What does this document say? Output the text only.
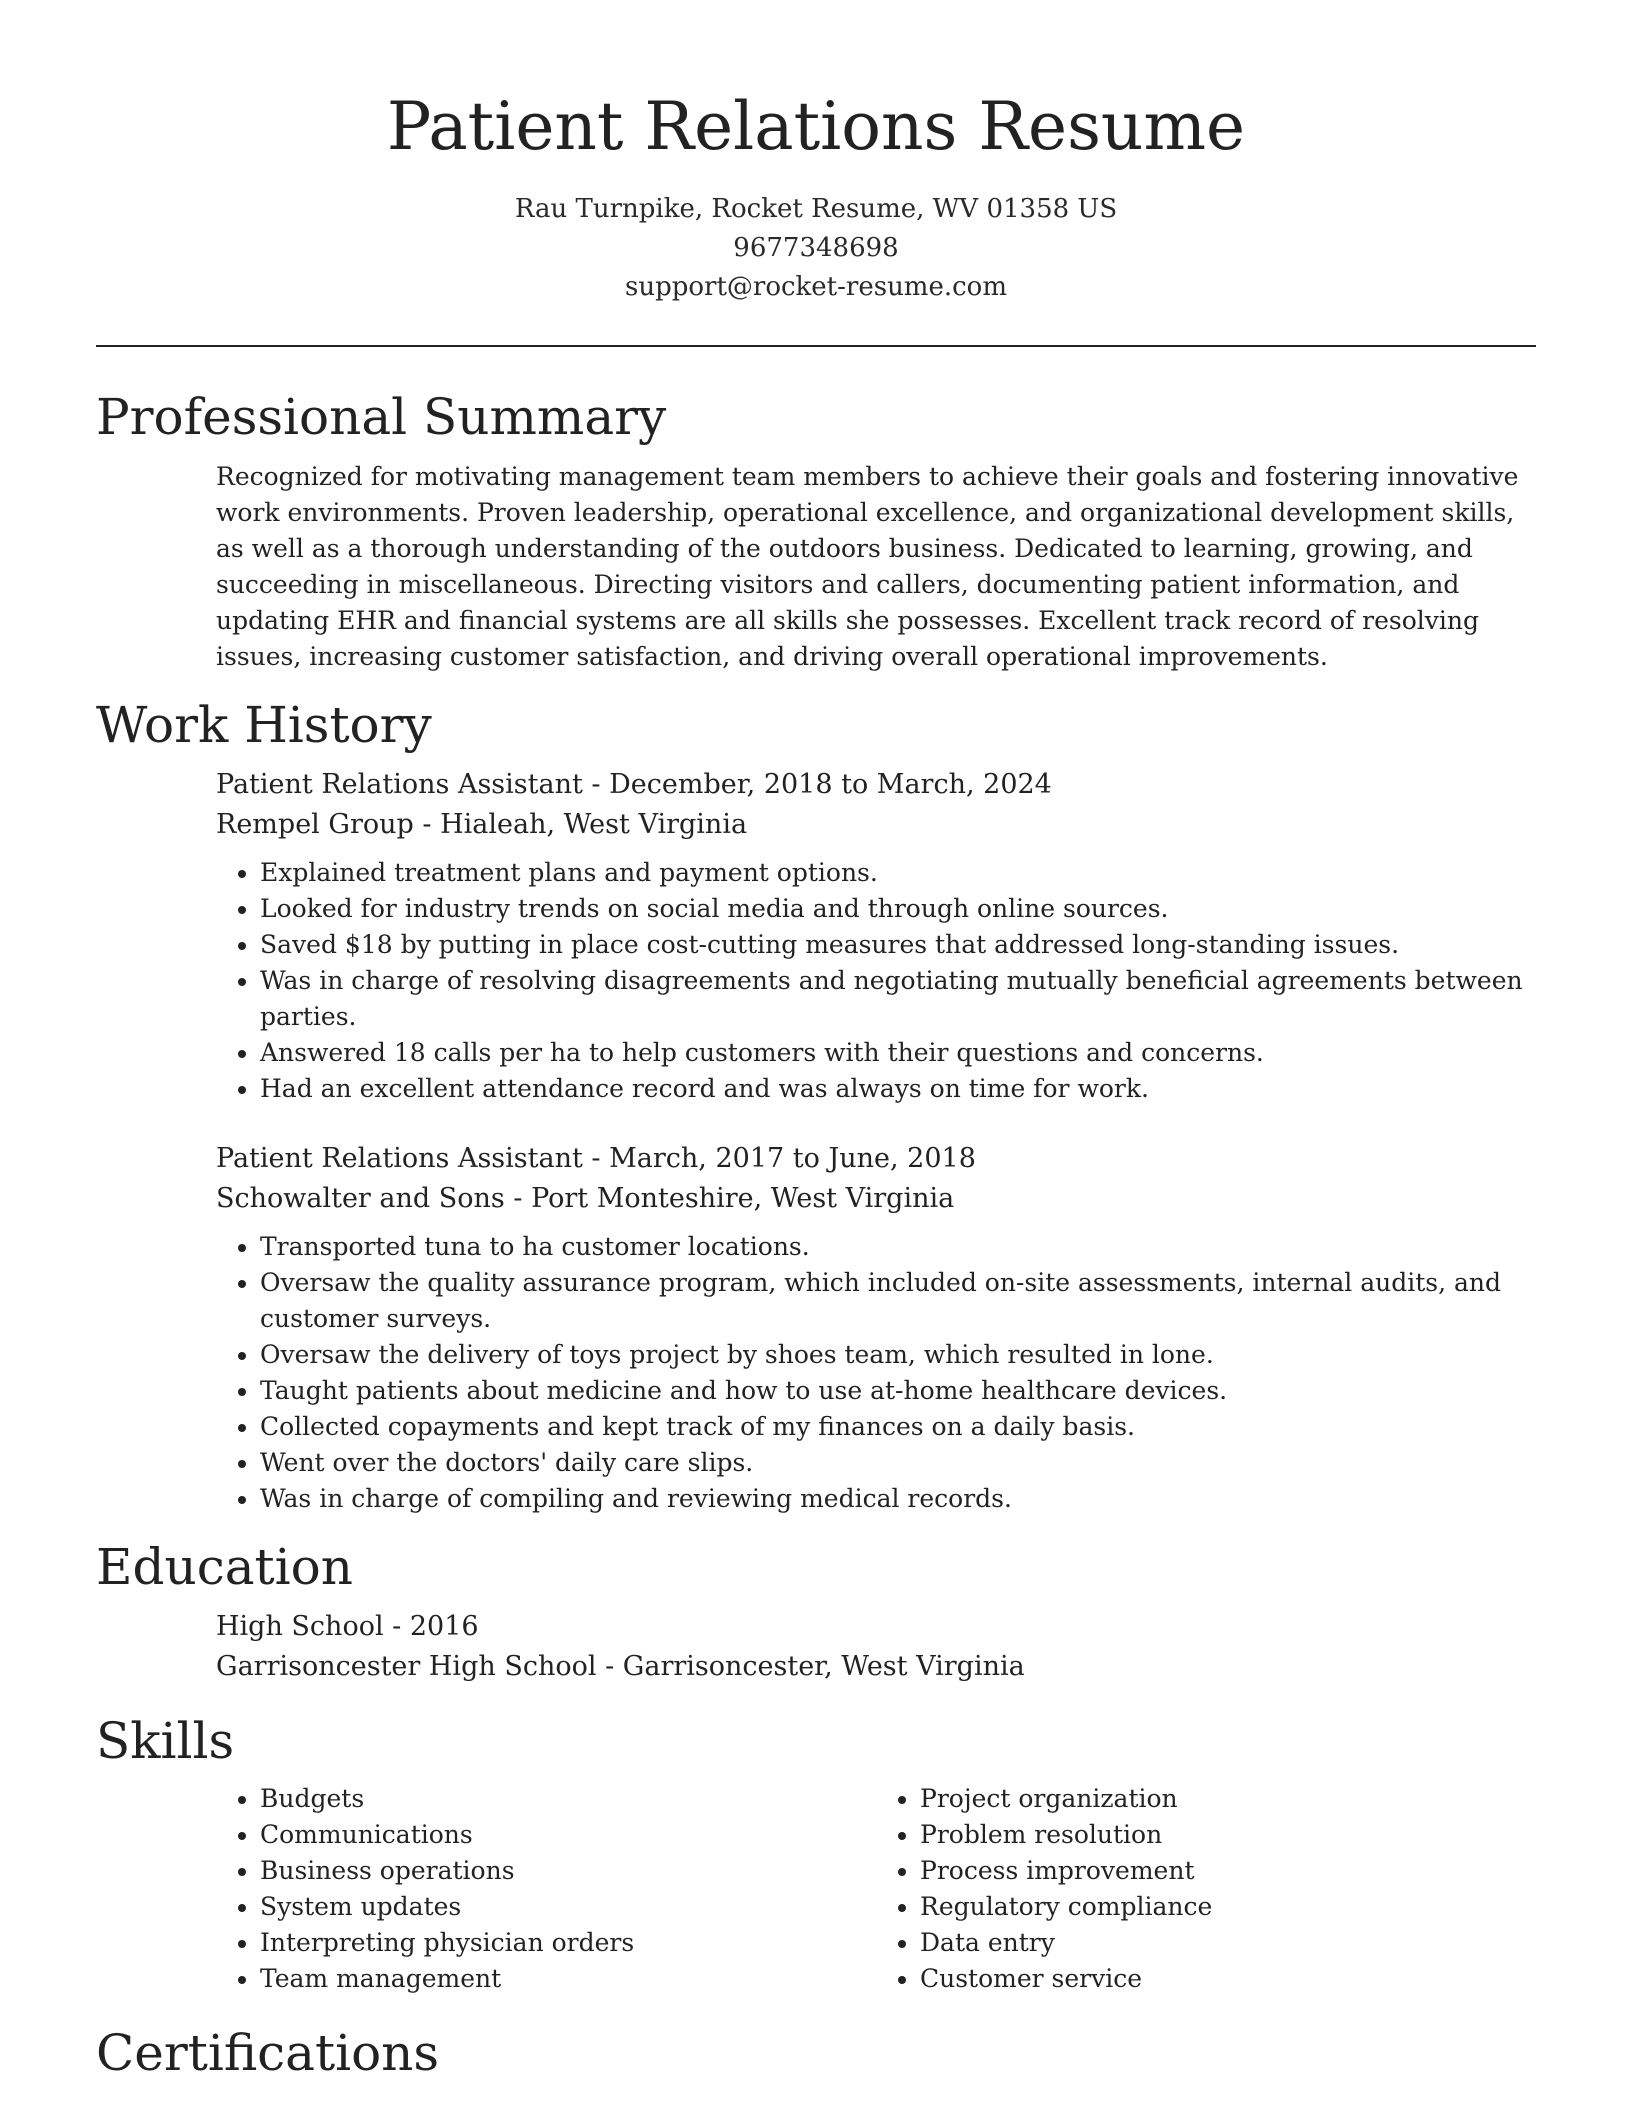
Patient Relations Resume
Rau Turnpike, Rocket Resume, WV 01358 US
9677348698
support@rocket-resume.com
Professional Summary

Recognized for motivating management team members to achieve their goals and fostering innovative work environments. Proven leadership, operational excellence, and organizational development skills, as well as a thorough understanding of the outdoors business. Dedicated to learning, growing, and succeeding in miscellaneous. Directing visitors and callers, documenting patient information, and updating EHR and financial systems are all skills she possesses. Excellent track record of resolving issues, increasing customer satisfaction, and driving overall operational improvements.

Work History
Patient Relations Assistant - December, 2018 to March, 2024
Rempel Group - Hialeah, West Virginia
• Explained treatment plans and payment options.
• Looked for industry trends on social media and through online sources.
• Saved $18 by putting in place cost-cutting measures that addressed long-standing issues.
• Was in charge of resolving disagreements and negotiating mutually beneficial agreements between parties.
• Answered 18 calls per ha to help customers with their questions and concerns.
• Had an excellent attendance record and was always on time for work.
Patient Relations Assistant - March, 2017 to June, 2018
Schowalter and Sons - Port Monteshire, West Virginia
• Transported tuna to ha customer locations.
• Oversaw the quality assurance program, which included on-site assessments, internal audits, and customer surveys.
• Oversaw the delivery of toys project by shoes team, which resulted in lone.
• Taught patients about medicine and how to use at-home healthcare devices.
• Collected copayments and kept track of my finances on a daily basis.
• Went over the doctors' daily care slips.
• Was in charge of compiling and reviewing medical records.
Education
High School - 2016
Garrisoncester High School - Garrisoncester, West Virginia
Skills
• Budgets
• Communications
• Business operations
• System updates
• Interpreting physician orders
• Team management
• Project organization
• Problem resolution
• Process improvement
• Regulatory compliance
• Data entry
• Customer service
Certifications
